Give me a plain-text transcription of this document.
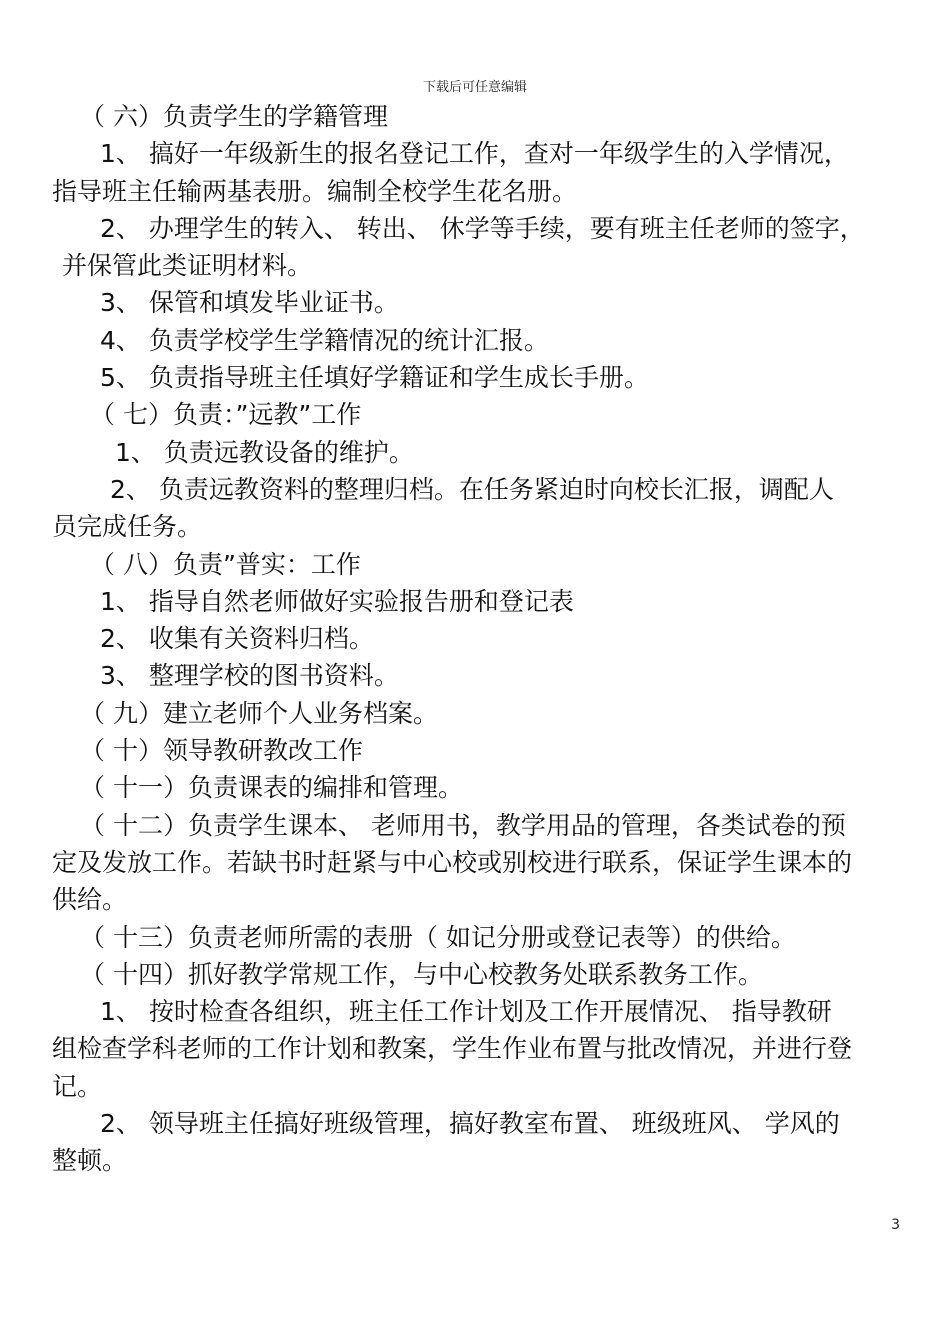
下载后可任意编辑
（ 六）负责学生的学籍管理
1、 搞好一年级新生的报名登记工作，查对一年级学生的入学情况，
指导班主任输两基表册。编制全校学生花名册。
2、 办理学生的转入、 转出、 休学等手续，要有班主任老师的签字，
并保管此类证明材料。
3、 保管和填发毕业证书。
4、 负责学校学生学籍情况的统计汇报。
5、 负责指导班主任填好学籍证和学生成长手册。
（ 七）负责：”远教”工作
1、 负责远教设备的维护。
2、 负责远教资料的整理归档。在任务紧迫时向校长汇报，调配人
员完成任务。
（ 八）负责”普实：工作
1、 指导自然老师做好实验报告册和登记表
2、 收集有关资料归档。
3、 整理学校的图书资料。
（ 九）建立老师个人业务档案。
（ 十）领导教研教改工作
（ 十一）负责课表的编排和管理。
（ 十二）负责学生课本、 老师用书，教学用品的管理，各类试卷的预
定及发放工作。若缺书时赶紧与中心校或别校进行联系，保证学生课本的
供给。
（ 十三）负责老师所需的表册（ 如记分册或登记表等）的供给。
（ 十四）抓好教学常规工作，与中心校教务处联系教务工作。
1、 按时检查各组织，班主任工作计划及工作开展情况、 指导教研
组检查学科老师的工作计划和教案，学生作业布置与批改情况，并进行登
记。
2、 领导班主任搞好班级管理，搞好教室布置、 班级班风、 学风的
整顿。
3
